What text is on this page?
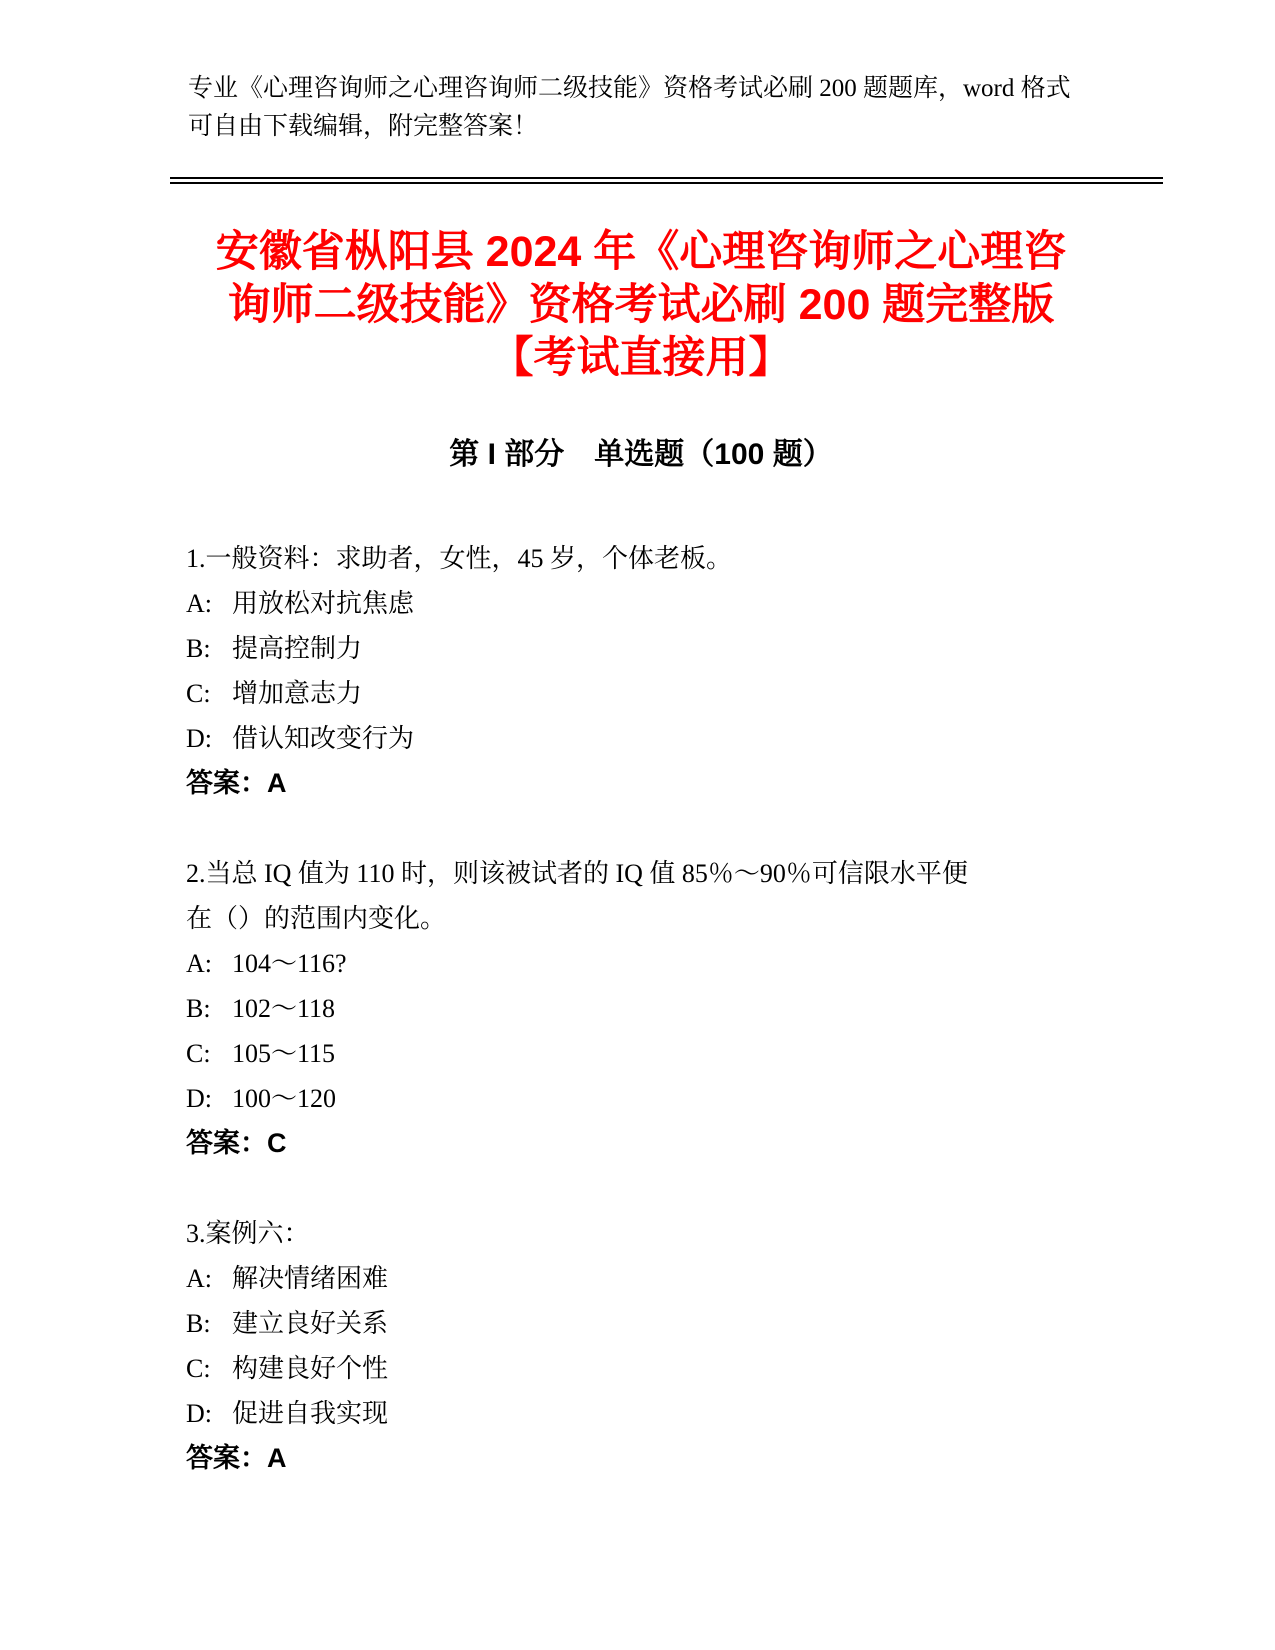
专业《心理咨询师之心理咨询师二级技能》资格考试必刷 200 题题库，word 格式
可自由下载编辑，附完整答案！
安徽省枞阳县 2024 年《心理咨询师之心理咨
询师二级技能》资格考试必刷 200 题完整版
【考试直接用】
第 I 部分　单选题（100 题）
1.一般资料：求助者，女性，45 岁，个体老板。
A: 用放松对抗焦虑
B: 提高控制力
C: 增加意志力
D: 借认知改变行为
答案：A
2.当总 IQ 值为 110 时，则该被试者的 IQ 值 85％～90％可信限水平便
在（）的范围内变化。
A: 104～116?
B: 102～118
C: 105～115
D: 100～120
答案：C
3.案例六：
A: 解决情绪困难
B: 建立良好关系
C: 构建良好个性
D: 促进自我实现
答案：A
